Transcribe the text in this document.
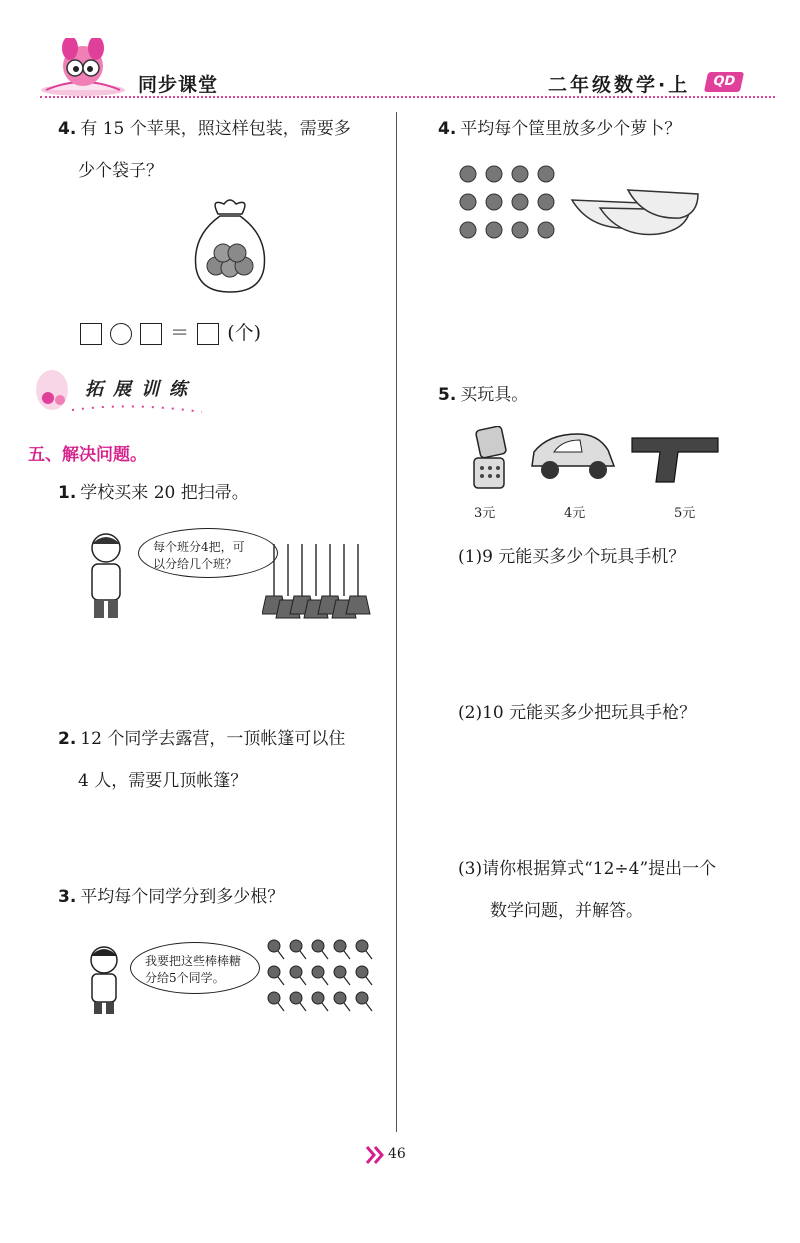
同步课堂	二年级数学·上	QD
4. 有 15 个苹果，照这样包装，需要多
少个袋子？
＝ (个)
拓展训练
五、解决问题。
1. 学校买来 20 把扫帚。
每个班分4把，可
以分给几个班？
2. 12 个同学去露营，一顶帐篷可以住
4 人，需要几顶帐篷？
3. 平均每个同学分到多少根？
我要把这些棒棒糖
分给5个同学。
4. 平均每个筐里放多少个萝卜？
5. 买玩具。
3元	4元	5元
(1)9 元能买多少个玩具手机？
(2)10 元能买多少把玩具手枪？
(3)请你根据算式“12÷4”提出一个
数学问题，并解答。
46
